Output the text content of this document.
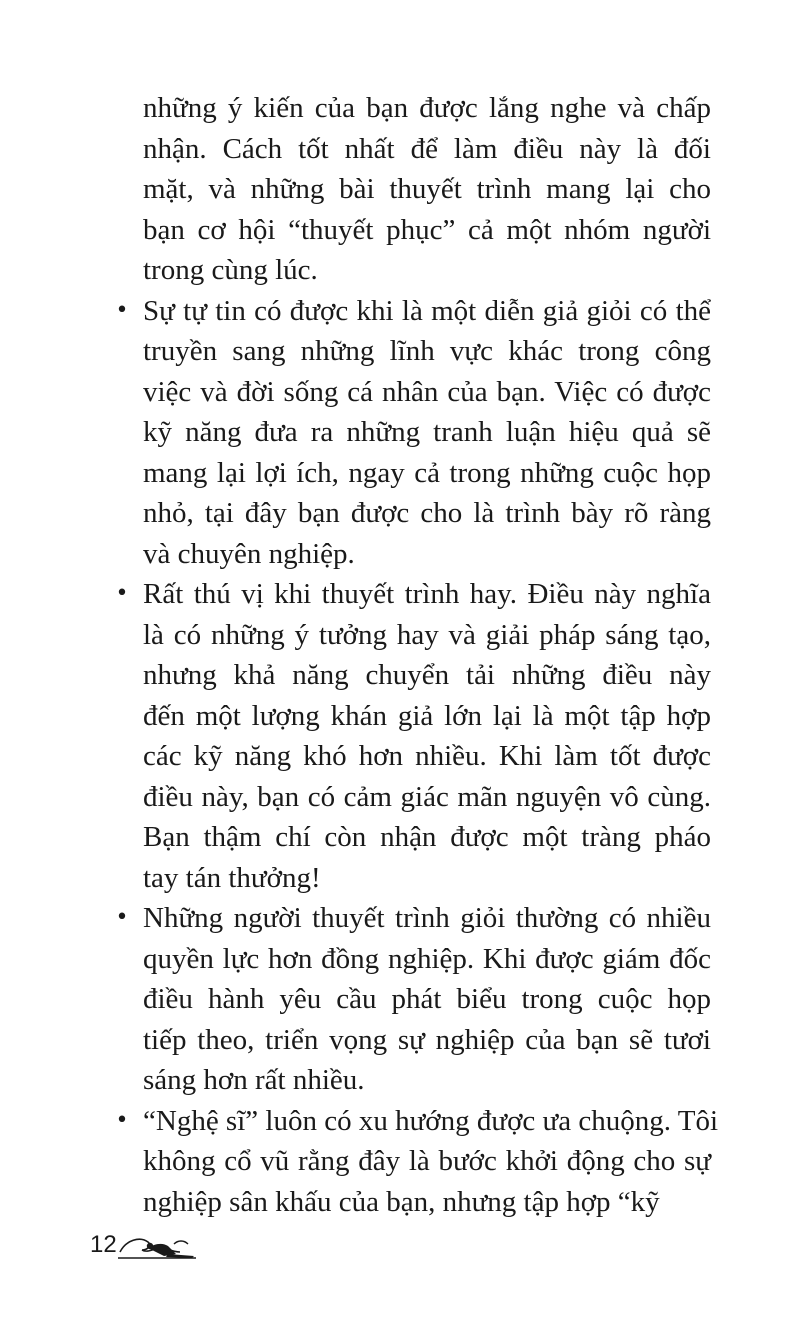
những ý kiến của bạn được lắng nghe và chấp
nhận. Cách tốt nhất để làm điều này là đối
mặt, và những bài thuyết trình mang lại cho
bạn cơ hội “thuyết phục” cả một nhóm người
trong cùng lúc.
• Sự tự tin có được khi là một diễn giả giỏi có thể
truyền sang những lĩnh vực khác trong công
việc và đời sống cá nhân của bạn. Việc có được
kỹ năng đưa ra những tranh luận hiệu quả sẽ
mang lại lợi ích, ngay cả trong những cuộc họp
nhỏ, tại đây bạn được cho là trình bày rõ ràng
và chuyên nghiệp.
• Rất thú vị khi thuyết trình hay. Điều này nghĩa
là có những ý tưởng hay và giải pháp sáng tạo,
nhưng khả năng chuyển tải những điều này
đến một lượng khán giả lớn lại là một tập hợp
các kỹ năng khó hơn nhiều. Khi làm tốt được
điều này, bạn có cảm giác mãn nguyện vô cùng.
Bạn thậm chí còn nhận được một tràng pháo
tay tán thưởng!
• Những người thuyết trình giỏi thường có nhiều
quyền lực hơn đồng nghiệp. Khi được giám đốc
điều hành yêu cầu phát biểu trong cuộc họp
tiếp theo, triển vọng sự nghiệp của bạn sẽ tươi
sáng hơn rất nhiều.
• “Nghệ sĩ” luôn có xu hướng được ưa chuộng. Tôi
không cổ vũ rằng đây là bước khởi động cho sự
nghiệp sân khấu của bạn, nhưng tập hợp “kỹ
12
